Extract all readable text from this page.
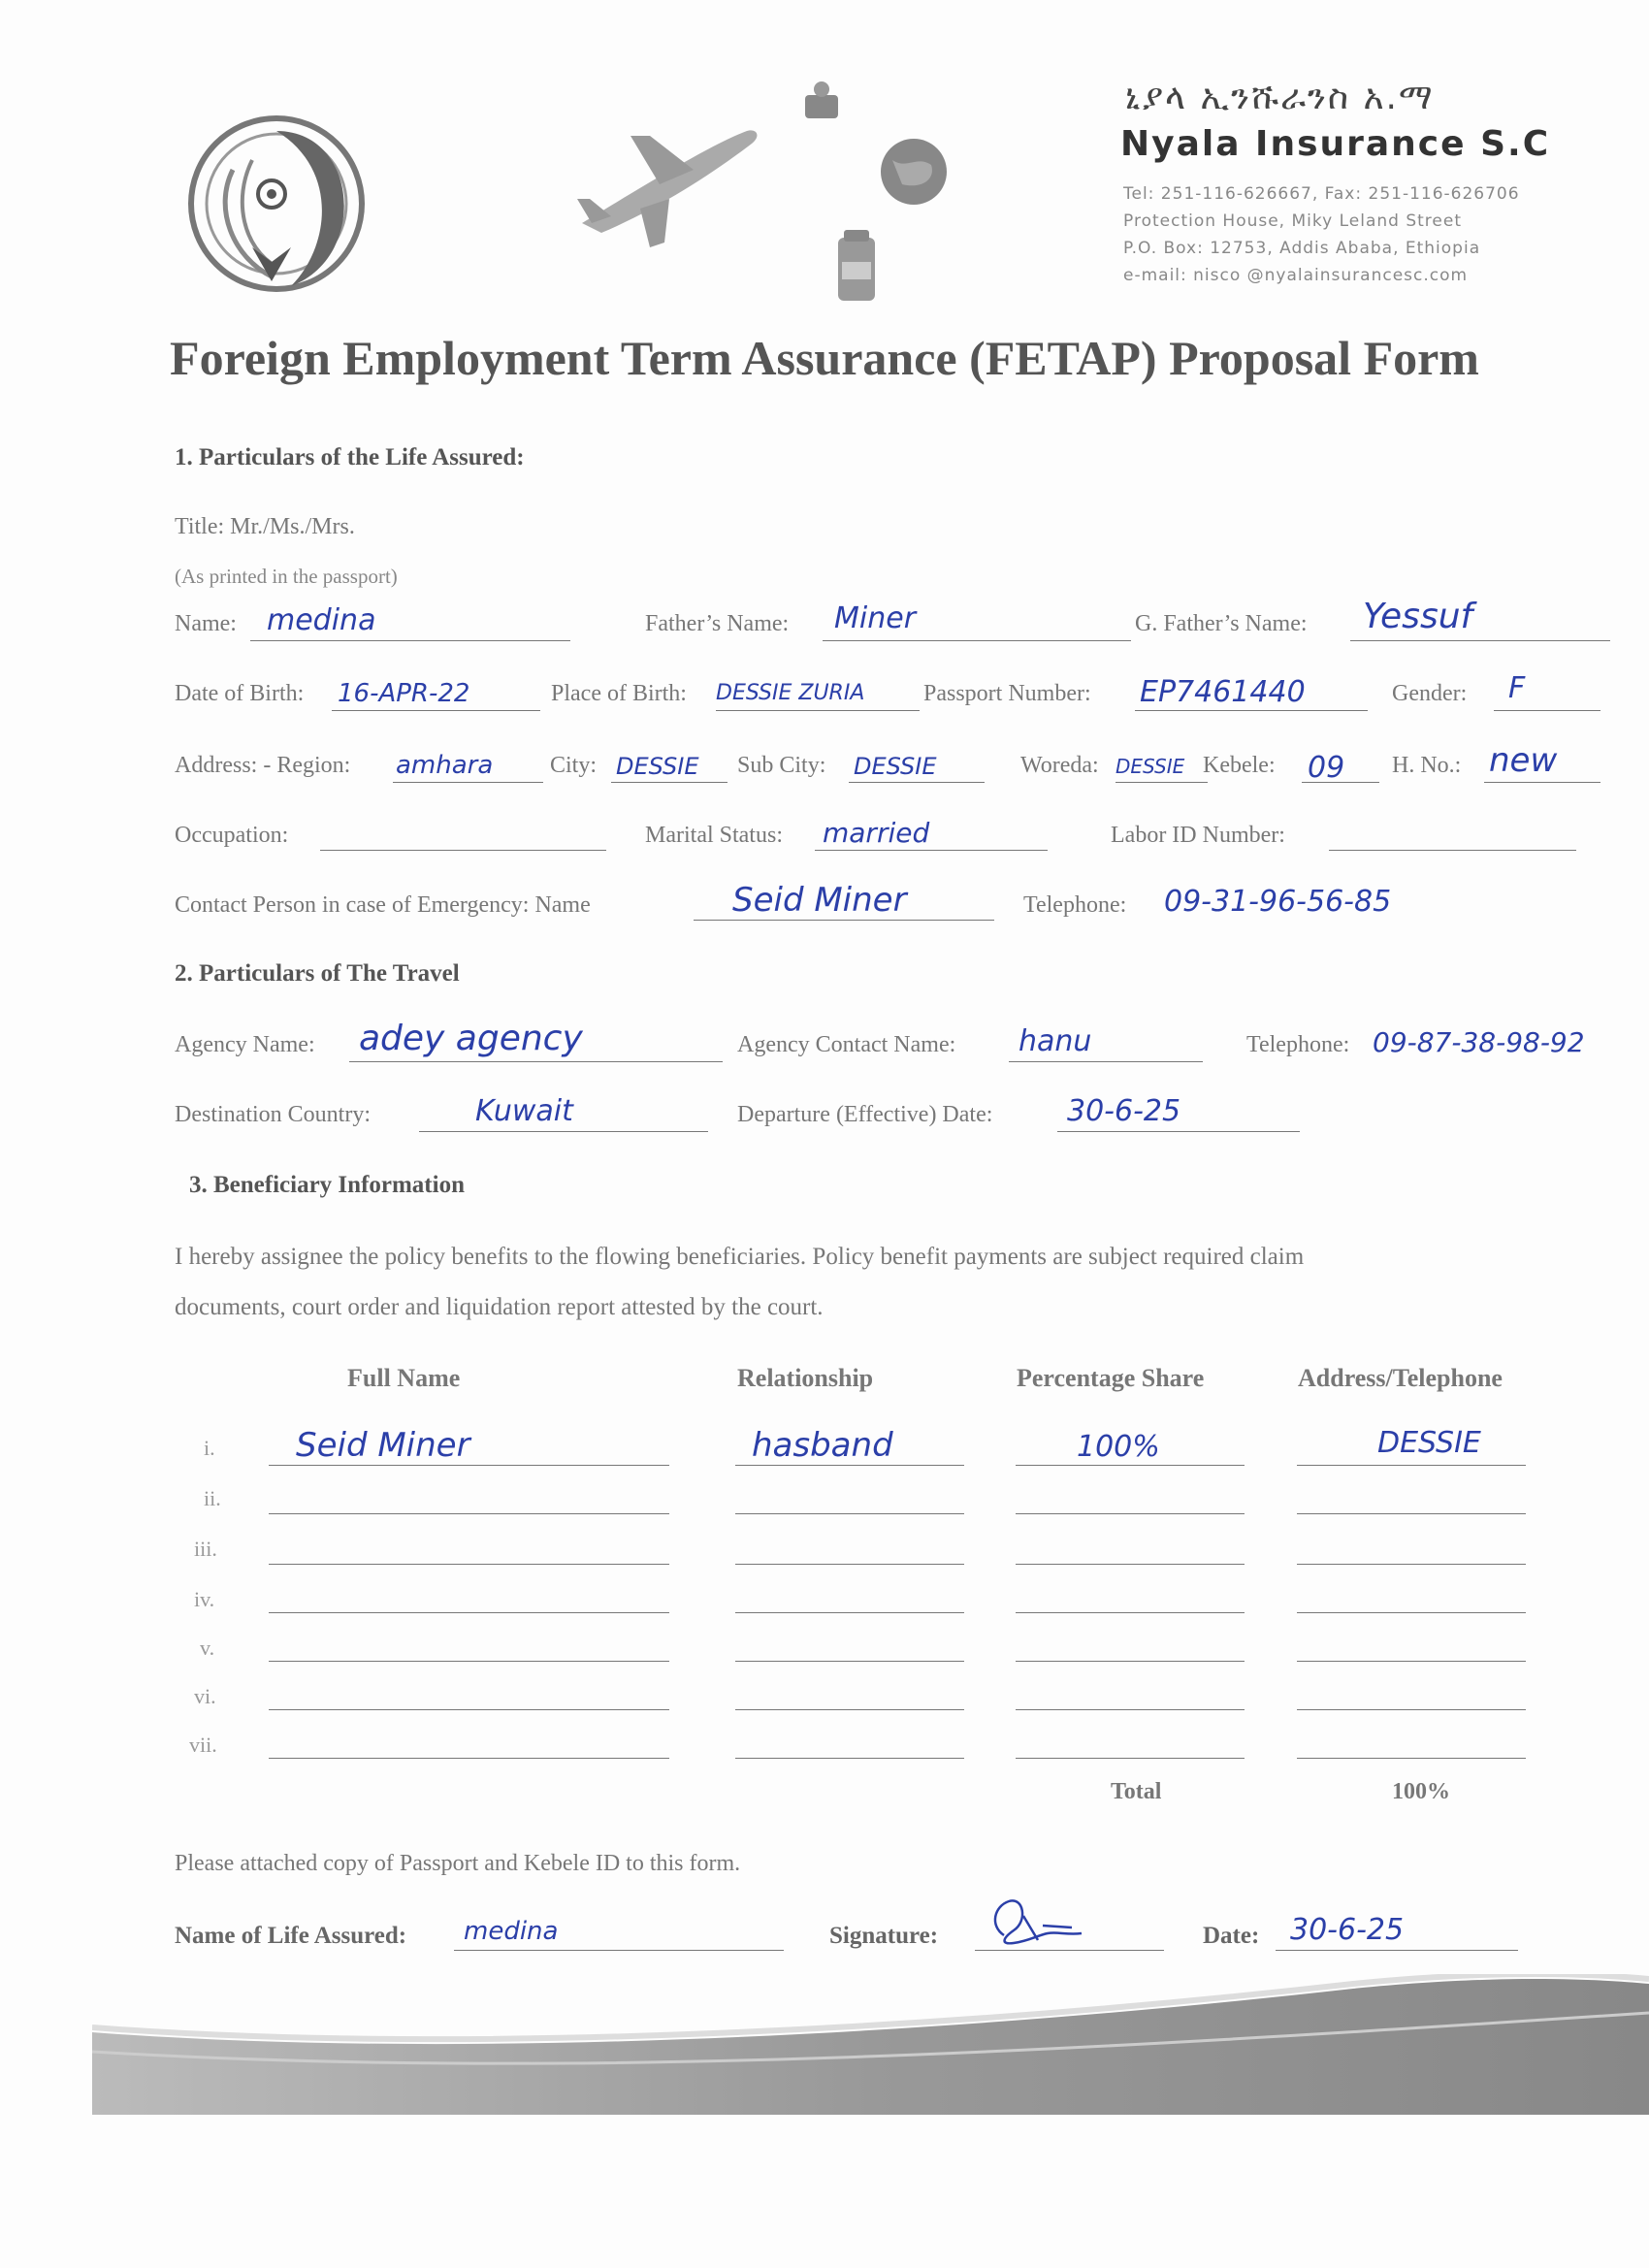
ኒያላ ኢንሹራንስ አ.ማ
Nyala Insurance S.C
Tel: 251-116-626667, Fax: 251-116-626706
Protection House, Miky Leland Street
P.O. Box: 12753, Addis Ababa, Ethiopia
e-mail: nisco @nyalainsurancesc.com
Foreign Employment Term Assurance (FETAP) Proposal Form
1. Particulars of the Life Assured:
Title: Mr./Ms./Mrs.
(As printed in the passport)
Name: medina	Father’s Name: Miner	G. Father’s Name: Yessuf
Date of Birth: 16-APR-22	Place of Birth: DESSIE ZURIA	Passport Number: EP7461440	Gender: F
Address: - Region: amhara City: DESSIE Sub City: DESSIE	Woreda: DESSIE Kebele: 09 H. No.: new
Occupation:	Marital Status: married	Labor ID Number:
Contact Person in case of Emergency: Name	Seid Miner	Telephone: 09-31-96-56-85
2. Particulars of The Travel
Agency Name: adey agency	Agency Contact Name: hanu	Telephone: 09-87-38-98-92
Destination Country:	Kuwait	Departure (Effective) Date:	30-6-25
3. Beneficiary Information
I hereby assignee the policy benefits to the flowing beneficiaries. Policy benefit payments are subject required claim
documents, court order and liquidation report attested by the court.
Full Name	Relationship	Percentage Share	Address/Telephone
i. Seid Miner	hasband	100%	DESSIE
ii.
iii.
iv.
v.
vi.
vii.
Total	100%
Please attached copy of Passport and Kebele ID to this form.
Name of Life Assured: medina	Signature:	Date: 30-6-25
